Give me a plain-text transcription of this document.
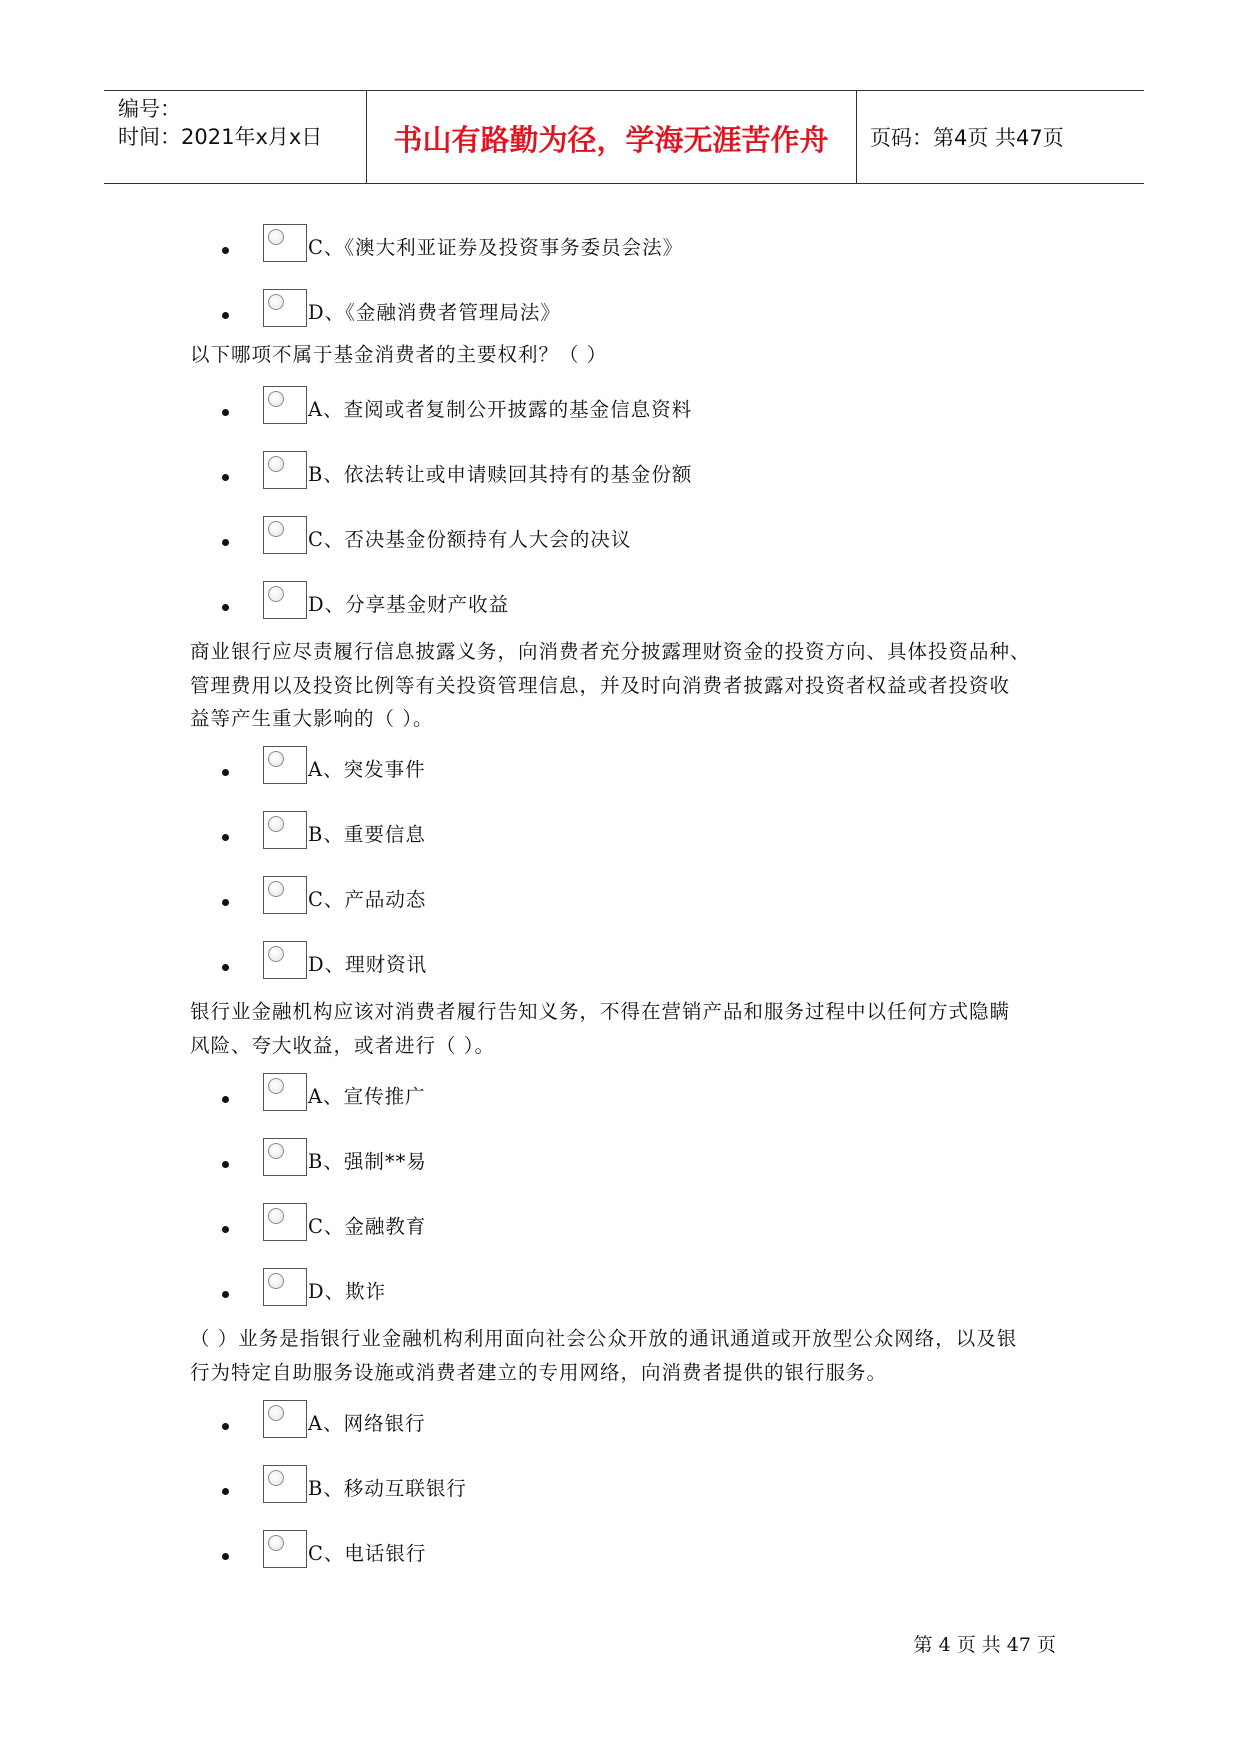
编号：
时间：2021年x月x日	书山有路勤为径，学海无涯苦作舟	页码：第4页 共47页
C、《澳大利亚证券及投资事务委员会法》
D、《金融消费者管理局法》

以下哪项不属于基金消费者的主要权利？（ ）

A、查阅或者复制公开披露的基金信息资料
B、依法转让或申请赎回其持有的基金份额
C、否决基金份额持有人大会的决议
D、分享基金财产收益

商业银行应尽责履行信息披露义务，向消费者充分披露理财资金的投资方向、具体投资品种、

管理费用以及投资比例等有关投资管理信息，并及时向消费者披露对投资者权益或者投资收

益等产生重大影响的（ ）。

A、突发事件
B、重要信息
C、产品动态
D、理财资讯

银行业金融机构应该对消费者履行告知义务，不得在营销产品和服务过程中以任何方式隐瞒

风险、夸大收益，或者进行（ ）。

A、宣传推广
B、强制**易
C、金融教育
D、欺诈

（ ）业务是指银行业金融机构利用面向社会公众开放的通讯通道或开放型公众网络，以及银

行为特定自助服务设施或消费者建立的专用网络，向消费者提供的银行服务。

A、网络银行
B、移动互联银行
C、电话银行
第 4 页 共 47 页
